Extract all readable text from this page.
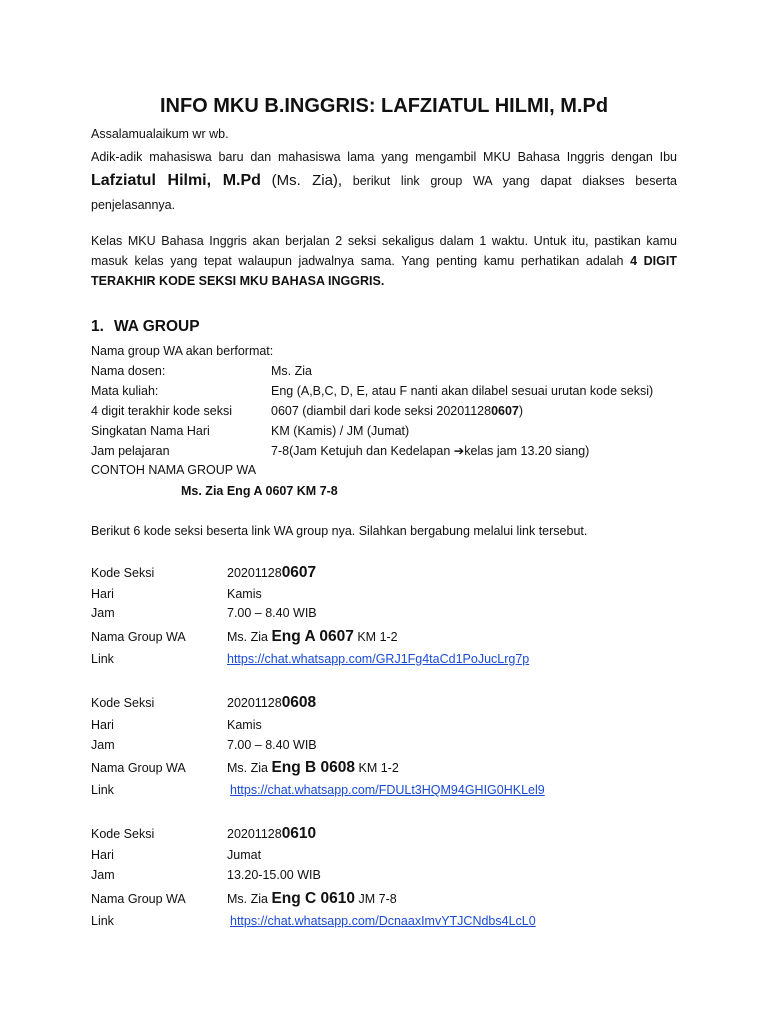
INFO MKU B.INGGRIS: LAFZIATUL HILMI, M.Pd
Assalamualaikum wr wb.
Adik-adik mahasiswa baru dan mahasiswa lama yang mengambil MKU Bahasa Inggris dengan Ibu Lafziatul Hilmi, M.Pd (Ms. Zia), berikut link group WA yang dapat diakses beserta penjelasannya.
Kelas MKU Bahasa Inggris akan berjalan 2 seksi sekaligus dalam 1 waktu. Untuk itu, pastikan kamu masuk kelas yang tepat walaupun jadwalnya sama. Yang penting kamu perhatikan adalah 4 DIGIT TERAKHIR KODE SEKSI MKU BAHASA INGGRIS.
1. WA GROUP
Nama group WA akan berformat:
Nama dosen:	Ms. Zia
Mata kuliah:	Eng (A,B,C, D, E, atau F nanti akan dilabel sesuai urutan kode seksi)
4 digit terakhir kode seksi	0607 (diambil dari kode seksi 202011280607)
Singkatan Nama Hari	KM (Kamis) / JM (Jumat)
Jam pelajaran	7-8(Jam Ketujuh dan Kedelapan ➔kelas jam 13.20 siang)
CONTOH NAMA GROUP WA
Ms. Zia Eng A 0607 KM 7-8
Berikut 6 kode seksi beserta link WA group nya. Silahkan bergabung melalui link tersebut.
Kode Seksi	202011280607
Hari	Kamis
Jam	7.00 – 8.40 WIB
Nama Group WA	Ms. Zia Eng A 0607 KM 1-2
Link	https://chat.whatsapp.com/GRJ1Fg4taCd1PoJucLrg7p
Kode Seksi	202011280608
Hari	Kamis
Jam	7.00 – 8.40 WIB
Nama Group WA	Ms. Zia Eng B 0608 KM 1-2
Link	https://chat.whatsapp.com/FDULt3HQM94GHIG0HKLel9
Kode Seksi	202011280610
Hari	Jumat
Jam	13.20-15.00 WIB
Nama Group WA	Ms. Zia Eng C 0610 JM 7-8
Link	https://chat.whatsapp.com/DcnaaxImvYTJCNdbs4LcL0
